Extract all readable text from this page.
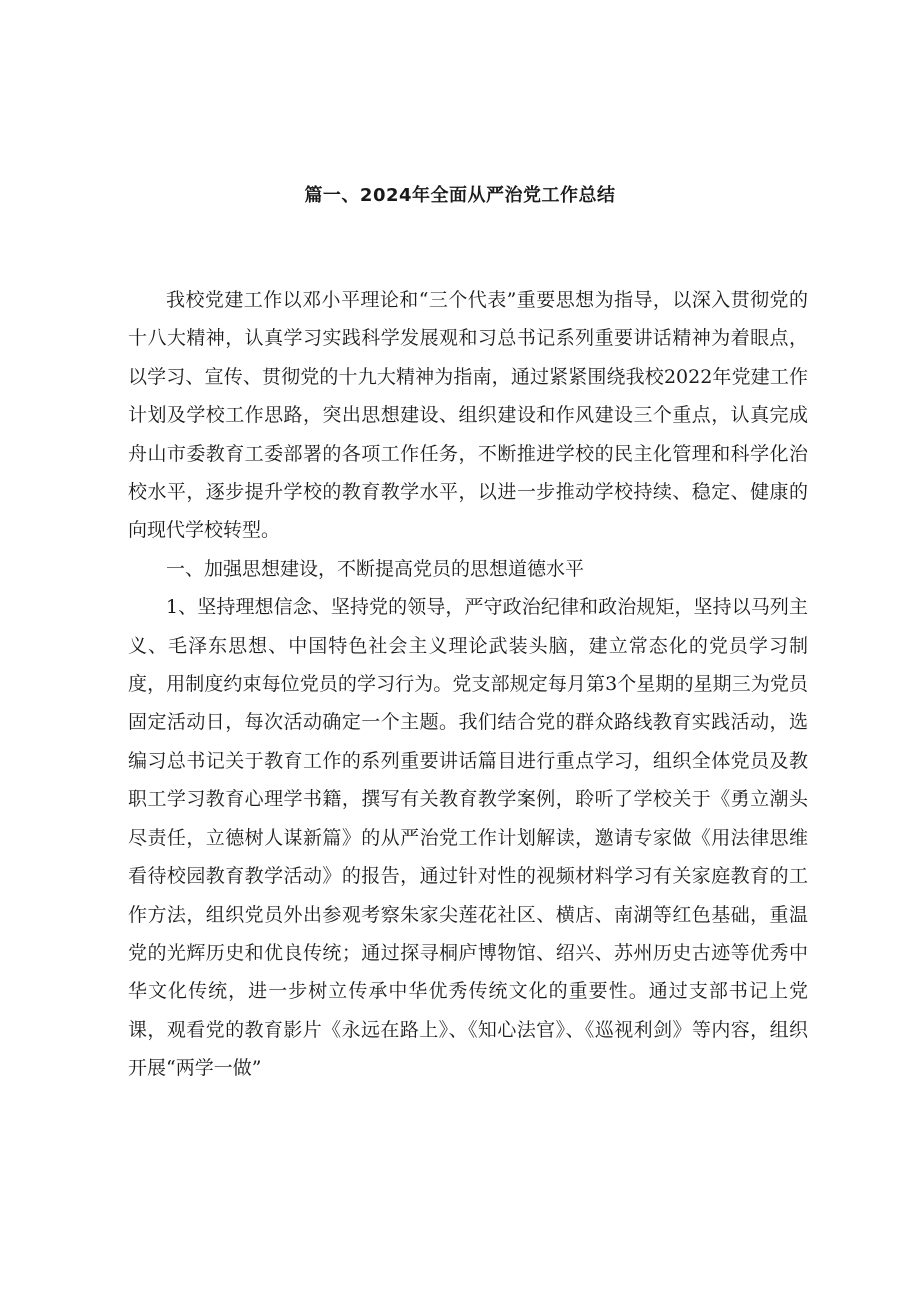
篇一、2024年全面从严治党工作总结

我校党建工作以邓小平理论和“三个代表”重要思想为指导，以深入贯彻党的十八大精神，认真学习实践科学发展观和习总书记系列重要讲话精神为着眼点，以学习、宣传、贯彻党的十九大精神为指南，通过紧紧围绕我校2022年党建工作计划及学校工作思路，突出思想建设、组织建设和作风建设三个重点，认真完成舟山市委教育工委部署的各项工作任务，不断推进学校的民主化管理和科学化治校水平，逐步提升学校的教育教学水平，以进一步推动学校持续、稳定、健康的向现代学校转型。

一、加强思想建设，不断提高党员的思想道德水平

1、坚持理想信念、坚持党的领导，严守政治纪律和政治规矩，坚持以马列主义、毛泽东思想、中国特色社会主义理论武装头脑，建立常态化的党员学习制度，用制度约束每位党员的学习行为。党支部规定每月第3个星期的星期三为党员固定活动日，每次活动确定一个主题。我们结合党的群众路线教育实践活动，选编习总书记关于教育工作的系列重要讲话篇目进行重点学习，组织全体党员及教职工学习教育心理学书籍，撰写有关教育教学案例，聆听了学校关于《勇立潮头尽责任，立德树人谋新篇》的从严治党工作计划解读，邀请专家做《用法律思维看待校园教育教学活动》的报告，通过针对性的视频材料学习有关家庭教育的工作方法，组织党员外出参观考察朱家尖莲花社区、横店、南湖等红色基础，重温党的光辉历史和优良传统；通过探寻桐庐博物馆、绍兴、苏州历史古迹等优秀中华文化传统，进一步树立传承中华优秀传统文化的重要性。通过支部书记上党课，观看党的教育影片《永远在路上》、《知心法官》、《巡视利剑》等内容，组织开展“两学一做”
